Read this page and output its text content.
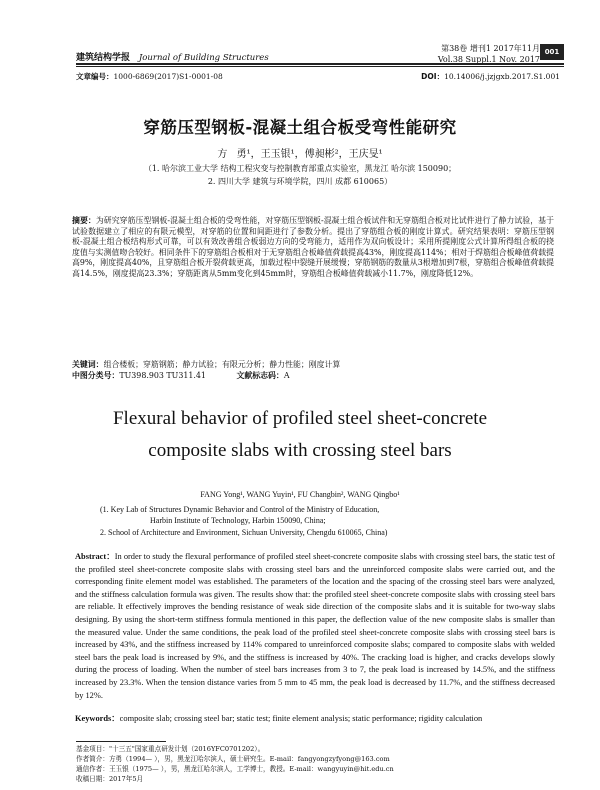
建筑结构学报 Journal of Building Structures
第38卷 增刊1 2017年11月
Vol.38 Suppl.1 Nov. 2017
001
文章编号：1000-6869(2017)S1-0001-08	DOI：10.14006/j.jzjgxb.2017.S1.001
穿筋压型钢板-混凝土组合板受弯性能研究
方 勇¹，王玉银¹，傅昶彬²，王庆旻¹
（1. 哈尔滨工业大学 结构工程灾变与控制教育部重点实验室，黑龙江 哈尔滨 150090；
2. 四川大学 建筑与环境学院，四川 成都 610065）
摘要：为研究穿筋压型钢板-混凝土组合板的受弯性能，对穿筋压型钢板-混凝土组合板试件和无穿筋组合板对比试件进行了静力试验，基于试验数据建立了相应的有限元模型，对穿筋的位置和间距进行了参数分析。提出了穿筋组合板的刚度计算式。研究结果表明：穿筋压型钢板-混凝土组合板结构形式可靠，可以有效改善组合板弱边方向的受弯能力，适用作为双向板设计；采用所提刚度公式计算所得组合板的挠度值与实测值吻合较好。相同条件下的穿筋组合板相对于无穿筋组合板峰值荷载提高43%，刚度提高114%；相对于焊筋组合板峰值荷载提高9%，刚度提高40%，且穿筋组合板开裂荷载更高，加载过程中裂缝开展缓慢；穿筋钢筋的数量从3根增加到7根，穿筋组合板峰值荷载提高14.5%，刚度提高23.3%；穿筋距离从5mm变化到45mm时，穿筋组合板峰值荷载减小11.7%，刚度降低12%。
关键词：组合楼板；穿筋钢筋；静力试验；有限元分析；静力性能；刚度计算
中图分类号：TU398.903 TU311.41	文献标志码：A
Flexural behavior of profiled steel sheet-concrete
composite slabs with crossing steel bars
FANG Yong¹, WANG Yuyin¹, FU Changbin², WANG Qingbo¹
(1. Key Lab of Structures Dynamic Behavior and Control of the Ministry of Education,
Harbin Institute of Technology, Harbin 150090, China;
2. School of Architecture and Environment, Sichuan University, Chengdu 610065, China)
Abstract：In order to study the flexural performance of profiled steel sheet-concrete composite slabs with crossing steel bars, the static test of the profiled steel sheet-concrete composite slabs with crossing steel bars and the unreinforced composite slabs were carried out, and the corresponding finite element model was established. The parameters of the location and the spacing of the crossing steel bars were analyzed, and the stiffness calculation formula was given. The results show that: the profiled steel sheet-concrete composite slabs with crossing steel bars are reliable. It effectively improves the bending resistance of weak side direction of the composite slabs and it is suitable for two-way slabs designing. By using the short-term stiffness formula mentioned in this paper, the deflection value of the new composite slabs is smaller than the measured value. Under the same conditions, the peak load of the profiled steel sheet-concrete composite slabs with crossing steel bars is increased by 43%, and the stiffness increased by 114% compared to unreinforced composite slabs; compared to composite slabs with welded steel bars the peak load is increased by 9%, and the stiffness is increased by 40%. The cracking load is higher, and cracks develops slowly during the process of loading. When the number of steel bars increases from 3 to 7, the peak load is increased by 14.5%, and the stiffness increased by 23.3%. When the tension distance varies from 5 mm to 45 mm, the peak load is decreased by 11.7%, and the stiffness decreased by 12%.
Keywords：composite slab; crossing steel bar; static test; finite element analysis; static performance; rigidity calculation
基金项目："十三五"国家重点研发计划（2016YFC0701202）。
作者简介：方勇（1994— ），男，黑龙江哈尔滨人，硕士研究生。E-mail：fangyongzyfyong@163.com
通信作者：王玉银（1975— ），男，黑龙江哈尔滨人，工学博士，教授。E-mail：wangyuyin@hit.edu.cn
收稿日期：2017年5月
